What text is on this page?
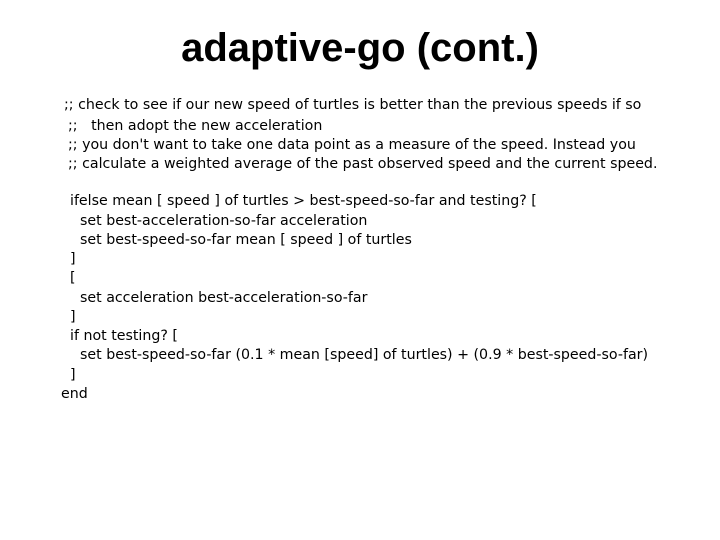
adaptive-go (cont.)
;; check to see if our new speed of turtles is better than the previous speeds if so
;;   then adopt the new acceleration
;; you don't want to take one data point as a measure of the speed. Instead you
;; calculate a weighted average of the past observed speed and the current speed.
ifelse mean [ speed ] of turtles > best-speed-so-far and testing? [
set best-acceleration-so-far acceleration
set best-speed-so-far mean [ speed ] of turtles
]
[
set acceleration best-acceleration-so-far
]
if not testing? [
set best-speed-so-far (0.1 * mean [speed] of turtles) + (0.9 * best-speed-so-far)
]
end
